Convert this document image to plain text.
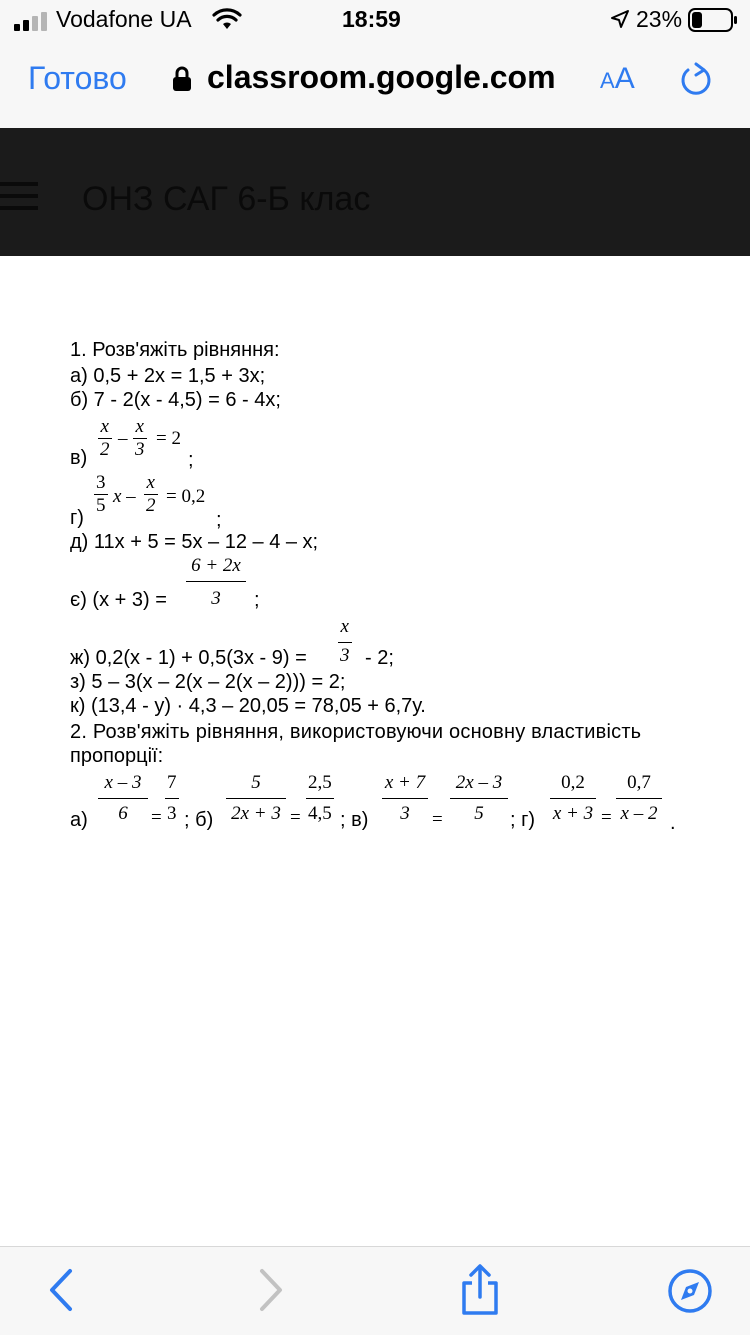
Vodafone UA	18:59	23%
Готово	classroom.google.com AA
ОНЗ САГ 6-Б клас
1. Розв'яжіть рівняння:
а) 0,5 + 2х = 1,5 + 3х;
б) 7 - 2(х - 4,5) = 6 - 4х;
$в) \frac{x}{2} - \frac{x}{3} = 2$
;
г)
$\frac{3}{5}$ $x - \frac{x}{2} = 0,2$
;
д) 11х + 5 = 5х – 12 – 4 – х;
є) $(х + 3) = \frac{6 + 2x}{3}$ ;
ж) $0,2(х - 1) + 0,5(3х - 9) = \frac{x}{3} - 2$;
з) 5 – 3(х – 2(х – 2(х – 2))) = 2;
к) (13,4 - у) · 4,3 – 20,05 = 78,05 + 6,7у.
2. Розв'яжіть рівняння, використовуючи основну властивість
пропорції:
$а) \frac{x - 3}{6} = \frac{7}{3}$ ; $б) \frac{5}{2x + 3} = \frac{2,5}{4,5}$ ; $в) \frac{x + 7}{3} = \frac{2x - 3}{5}$ ; $г) \frac{0,2}{x + 3} = \frac{0,7}{x - 2}$ .
